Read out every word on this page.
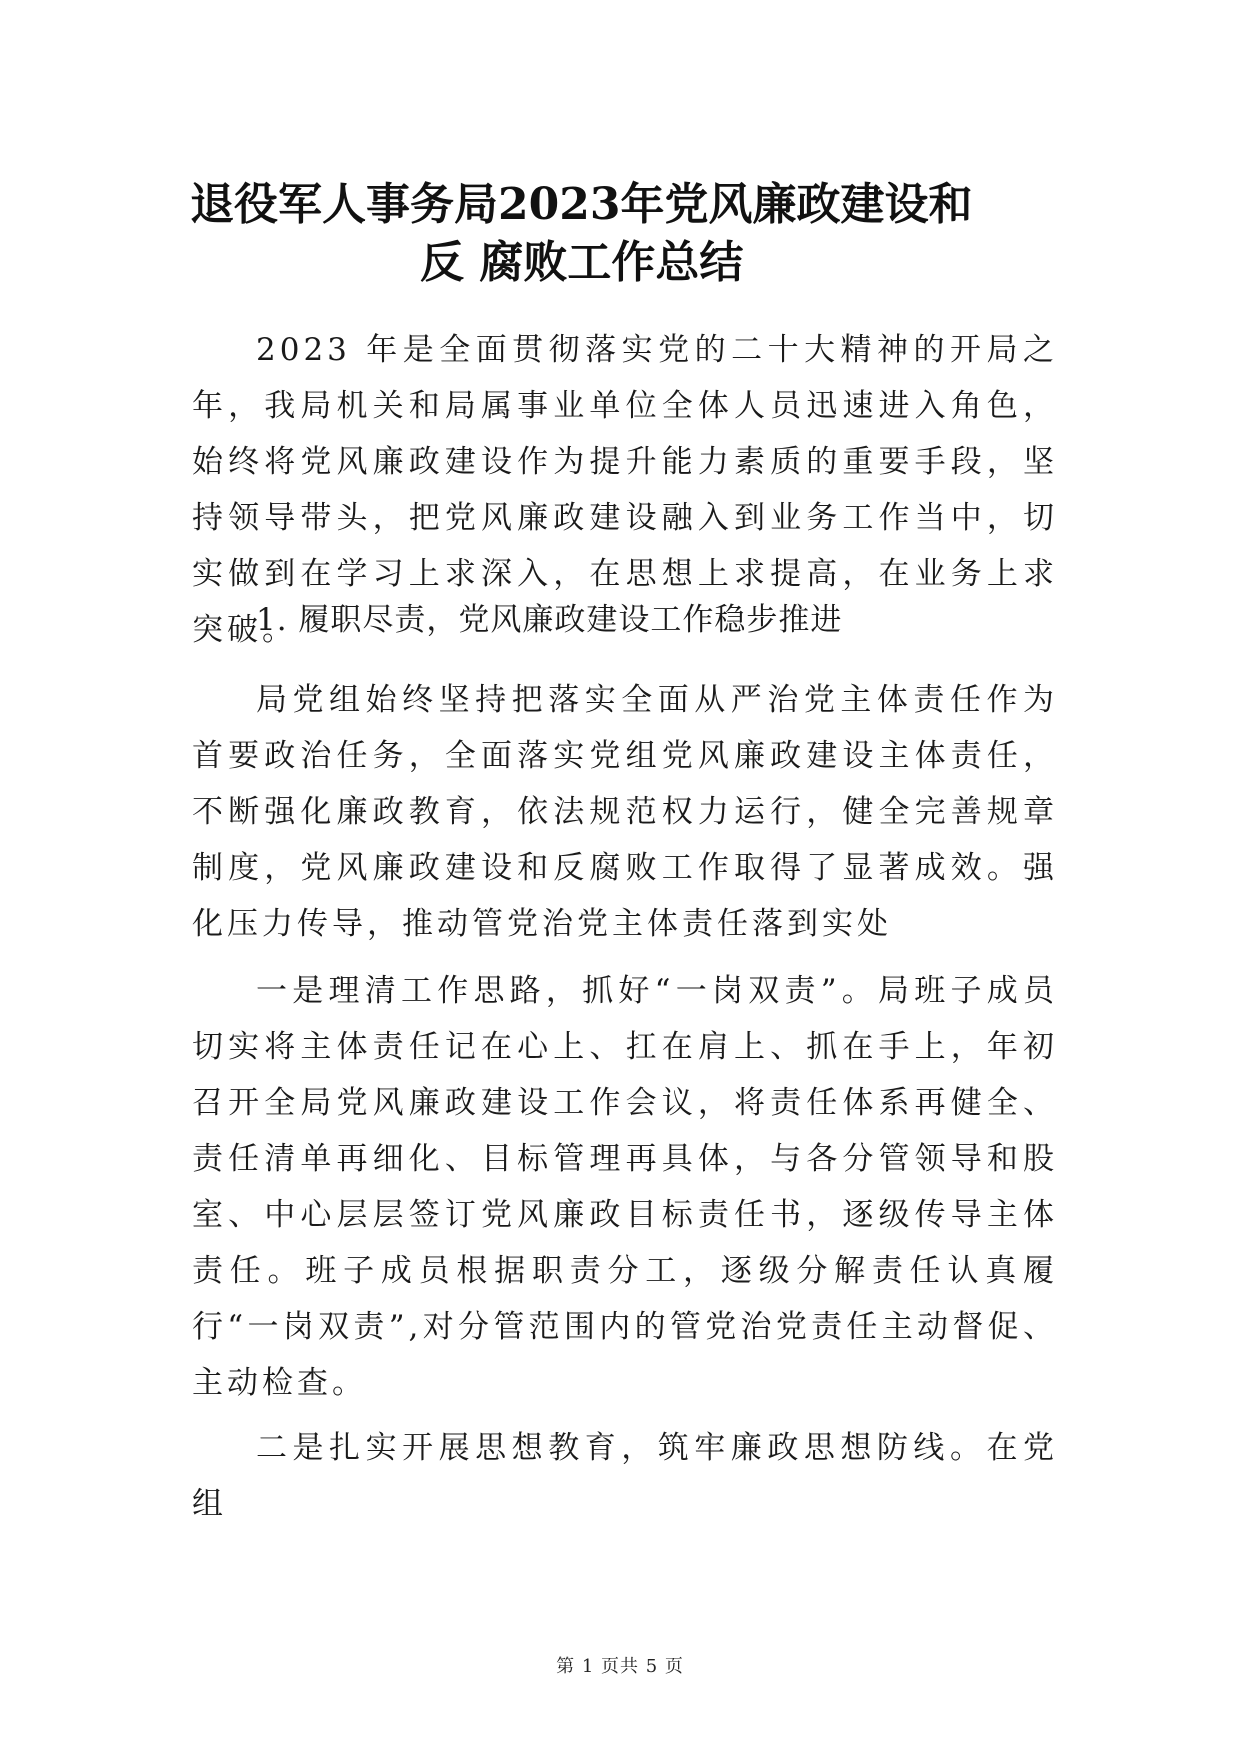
退役军人事务局2023年党风廉政建设和
反 腐败工作总结

2023 年是全面贯彻落实党的二十大精神的开局之年，我局机关和局属事业单位全体人员迅速进入角色，始终将党风廉政建设作为提升能力素质的重要手段，坚持领导带头，把党风廉政建设融入到业务工作当中，切实做到在学习上求深入，在思想上求提高，在业务上求突破。

1. 履职尽责，党风廉政建设工作稳步推进

局党组始终坚持把落实全面从严治党主体责任作为首要政治任务，全面落实党组党风廉政建设主体责任，不断强化廉政教育，依法规范权力运行，健全完善规章制度，党风廉政建设和反腐败工作取得了显著成效。强化压力传导，推动管党治党主体责任落到实处

一是理清工作思路，抓好“一岗双责”。局班子成员切实将主体责任记在心上、扛在肩上、抓在手上，年初召开全局党风廉政建设工作会议，将责任体系再健全、责任清单再细化、目标管理再具体，与各分管领导和股室、中心层层签订党风廉政目标责任书，逐级传导主体责任。班子成员根据职责分工，逐级分解责任认真履行“一岗双责”,对分管范围内的管党治党责任主动督促、主动检查。

二是扎实开展思想教育，筑牢廉政思想防线。在党组

第 1 页共 5 页
